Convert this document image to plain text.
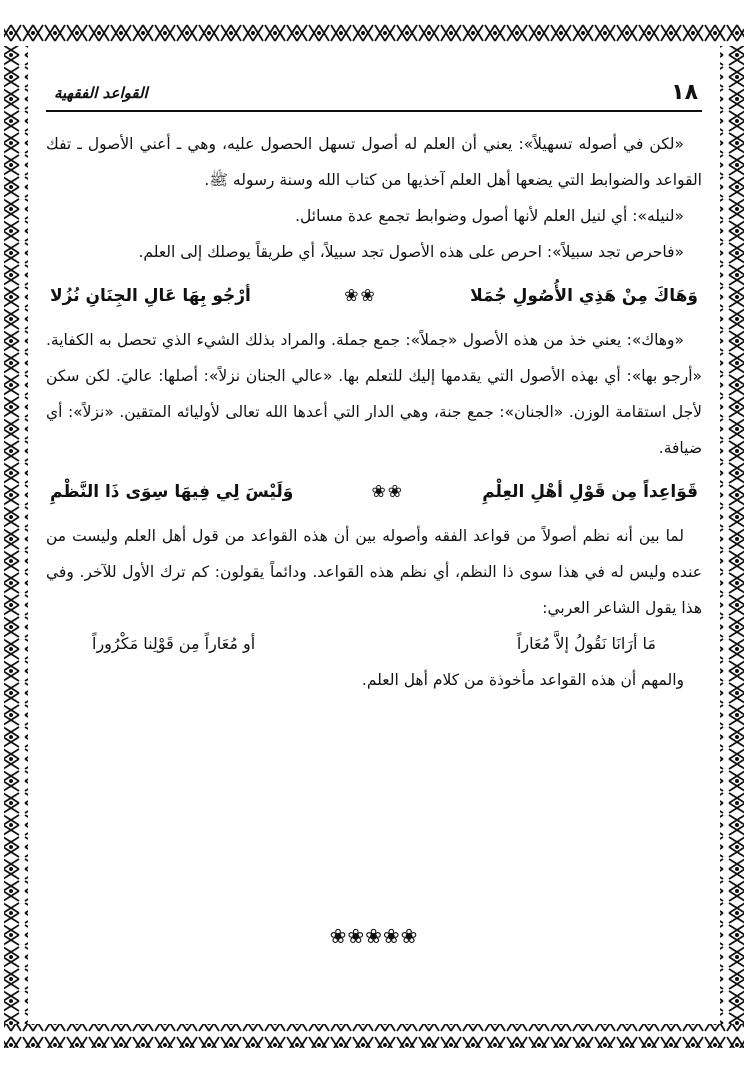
١٨
القواعد الفقهية

«لكن في أصوله تسهيلاً»: يعني أن العلم له أصول تسهل الحصول عليه، وهي ـ أعني الأصول ـ تفك القواعد والضوابط التي يضعها أهل العلم آخذيها من كتاب الله وسنة رسوله ﷺ.

«لنيله»: أي لنيل العلم لأنها أصول وضوابط تجمع عدة مسائل.

«فاحرص تجد سبيلاً»: احرص على هذه الأصول تجد سبيلاً، أي طريقاً يوصلك إلى العلم.

وَهَاكَ مِنْ هَذِي الأُصُولِ جُمَلا
❀❀
أرْجُو بِهَا عَالِ الجِنَانِ نُزُلا

«وهاك»: يعني خذ من هذه الأصول «جملاً»: جمع جملة. والمراد بذلك الشيء الذي تحصل به الكفاية. «أرجو بها»: أي بهذه الأصول التي يقدمها إليك للتعلم بها. «عالي الجنان نزلاً»: أصلها: عاليَ. لكن سكن لأجل استقامة الوزن. «الجنان»: جمع جنة، وهي الدار التي أعدها الله تعالى لأوليائه المتقين. «نزلاً»: أي ضيافة.

قَوَاعِداً مِن قَوْلِ أهْلِ العِلْمِ
❀❀
وَلَيْسَ لِي فِيهَا سِوَى ذَا النَّظْمِ

لما بين أنه نظم أصولاً من قواعد الفقه وأصوله بين أن هذه القواعد من قول أهل العلم وليست من عنده وليس له في هذا سوى ذا النظم، أي نظم هذه القواعد. ودائماً يقولون: كم ترك الأول للآخر. وفي هذا يقول الشاعر العربي:

مَا أرَانَا نَقُولُ إلاَّ مُعَاراً
أو مُعَاراً مِن قَوْلِنا مَكْرُوراً

والمهم أن هذه القواعد مأخوذة من كلام أهل العلم.

❀❀❀❀❀
